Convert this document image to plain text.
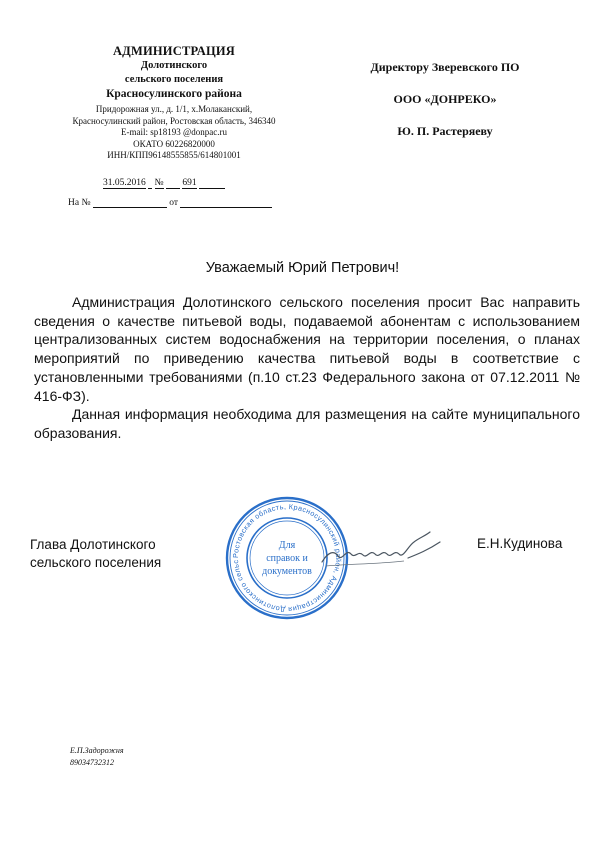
АДМИНИСТРАЦИЯ
Долотинского
сельского поселения
Красносулинского района
Придорожная ул., д. 1/1, х.Молаканский,
Красносулинский район, Ростовская область, 346340
E-mail: sp18193 @donpac.ru
ОКАТО 60226820000
ИНН/КПП96148555855/614801001
31.05.2016 № 691
На №	от
Директору Зверевского ПО
ООО «ДОНРЕКО»
Ю. П. Растеряеву
Уважаемый Юрий Петрович!

Администрация Долотинского сельского поселения просит Вас направить сведения о качестве питьевой воды, подаваемой абонентам с использованием централизованных систем водоснабжения на территории поселения, о планах мероприятий по приведению качества питьевой воды в соответствие с установленными требованиями (п.10 ст.23 Федерального закона от 07.12.2011 № 416-ФЗ).

Данная информация необходима для размещения на сайте муниципального образования.

Глава Долотинского
сельского поселения	Ростовская область, Красносулинский район, Администрация Долотинского сельс
Для
справок и
документов
Е.Н.Кудинова
Е.П.Задорожня
89034732312
